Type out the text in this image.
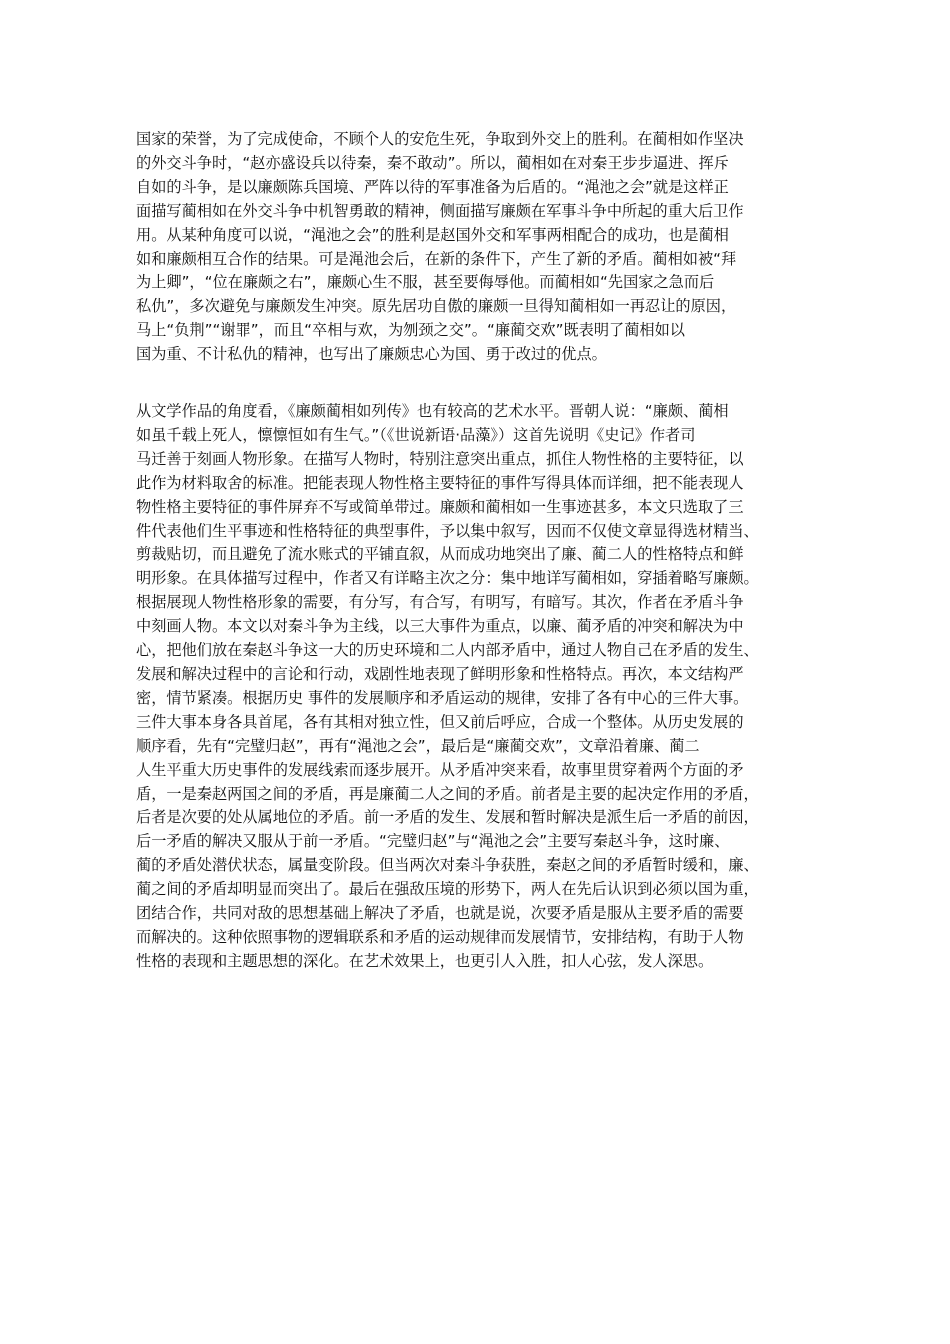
国家的荣誉，为了完成使命，不顾个人的安危生死，争取到外交上的胜利。在蔺相如作坚决
的外交斗争时，“赵亦盛设兵以待秦，秦不敢动”。所以，蔺相如在对秦王步步逼进、挥斥
自如的斗争，是以廉颇陈兵国境、严阵以待的军事准备为后盾的。“渑池之会”就是这样正
面描写蔺相如在外交斗争中机智勇敢的精神，侧面描写廉颇在军事斗争中所起的重大后卫作
用。从某种角度可以说，“渑池之会”的胜利是赵国外交和军事两相配合的成功，也是蔺相
如和廉颇相互合作的结果。可是渑池会后，在新的条件下，产生了新的矛盾。蔺相如被“拜
为上卿”，“位在廉颇之右”，廉颇心生不服，甚至要侮辱他。而蔺相如“先国家之急而后
私仇”，多次避免与廉颇发生冲突。原先居功自傲的廉颇一旦得知蔺相如一再忍让的原因，
马上“负荆”“谢罪”，而且“卒相与欢，为刎颈之交”。“廉蔺交欢”既表明了蔺相如以
国为重、不计私仇的精神，也写出了廉颇忠心为国、勇于改过的优点。
从文学作品的角度看，《廉颇蔺相如列传》也有较高的艺术水平。晋朝人说：“廉颇、蔺相
如虽千载上死人，懔懔恒如有生气。”（《世说新语·品藻》）这首先说明《史记》作者司
马迁善于刻画人物形象。在描写人物时，特别注意突出重点，抓住人物性格的主要特征，以
此作为材料取舍的标准。把能表现人物性格主要特征的事件写得具体而详细，把不能表现人
物性格主要特征的事件屏弃不写或简单带过。廉颇和蔺相如一生事迹甚多，本文只选取了三
件代表他们生平事迹和性格特征的典型事件，予以集中叙写，因而不仅使文章显得选材精当、
剪裁贴切，而且避免了流水账式的平铺直叙，从而成功地突出了廉、蔺二人的性格特点和鲜
明形象。在具体描写过程中，作者又有详略主次之分：集中地详写蔺相如，穿插着略写廉颇。
根据展现人物性格形象的需要，有分写，有合写，有明写，有暗写。其次，作者在矛盾斗争
中刻画人物。本文以对秦斗争为主线，以三大事件为重点，以廉、蔺矛盾的冲突和解决为中
心，把他们放在秦赵斗争这一大的历史环境和二人内部矛盾中，通过人物自己在矛盾的发生、
发展和解决过程中的言论和行动，戏剧性地表现了鲜明形象和性格特点。再次，本文结构严
密，情节紧凑。根据历史 事件的发展顺序和矛盾运动的规律，安排了各有中心的三件大事。
三件大事本身各具首尾，各有其相对独立性，但又前后呼应，合成一个整体。从历史发展的
顺序看，先有“完璧归赵”，再有“渑池之会”，最后是“廉蔺交欢”，文章沿着廉、蔺二
人生平重大历史事件的发展线索而逐步展开。从矛盾冲突来看，故事里贯穿着两个方面的矛
盾，一是秦赵两国之间的矛盾，再是廉蔺二人之间的矛盾。前者是主要的起决定作用的矛盾，
后者是次要的处从属地位的矛盾。前一矛盾的发生、发展和暂时解决是派生后一矛盾的前因，
后一矛盾的解决又服从于前一矛盾。“完璧归赵”与“渑池之会”主要写秦赵斗争，这时廉、
蔺的矛盾处潜伏状态，属量变阶段。但当两次对秦斗争获胜，秦赵之间的矛盾暂时缓和，廉、
蔺之间的矛盾却明显而突出了。最后在强敌压境的形势下，两人在先后认识到必须以国为重，
团结合作，共同对敌的思想基础上解决了矛盾，也就是说，次要矛盾是服从主要矛盾的需要
而解决的。这种依照事物的逻辑联系和矛盾的运动规律而发展情节，安排结构，有助于人物
性格的表现和主题思想的深化。在艺术效果上，也更引人入胜，扣人心弦，发人深思。
